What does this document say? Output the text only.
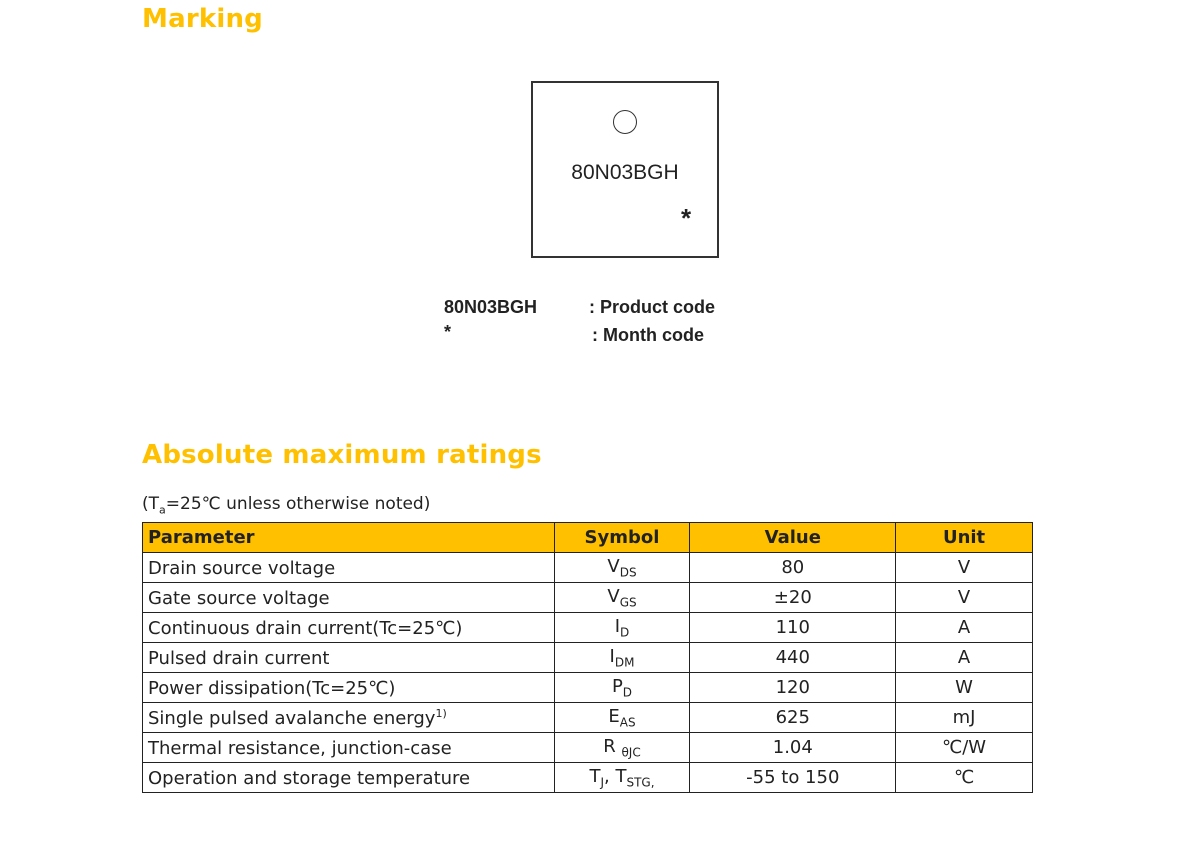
Marking
80N03BGH
*
80N03BGH	: Product code
*	: Month code
Absolute maximum ratings
($T_a=25℃$ unless otherwise noted)
Parameter	Symbol	Value	Unit
Drain source voltage	$V_{DS}$	80	V
Gate source voltage	$V_{GS}$	±20	V
Continuous drain current(Tc=25℃)	$I_D$	110	A
Pulsed drain current	$I_{DM}$	440	A
Power dissipation(Tc=25℃)	$P_D$	120	W
Single pulsed avalanche energy$^{1)}$	$E_{AS}$	625	mJ
Thermal resistance, junction-case	R $_{\theta JC}$	1.04	℃/W
Operation and storage temperature	$T_J$, $T_{STG,}$	-55 to 150	℃
